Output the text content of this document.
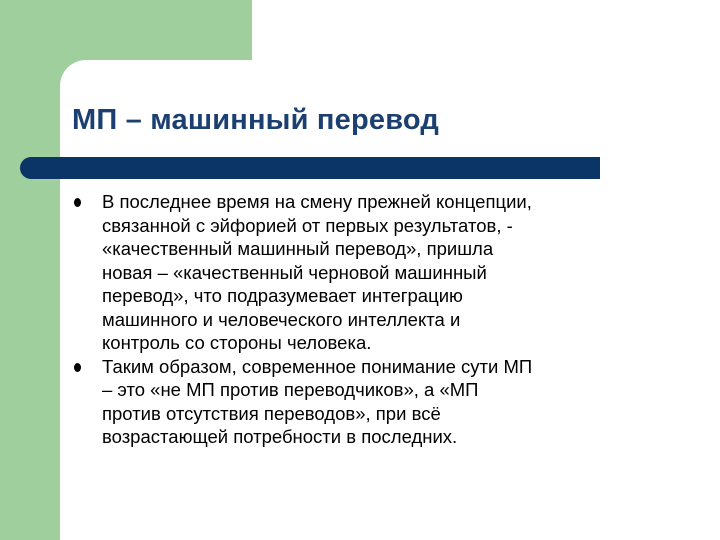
МП – машинный перевод
В последнее время на смену прежней концепции,
связанной с эйфорией от первых результатов, -
«качественный машинный перевод», пришла
новая – «качественный черновой машинный
перевод», что подразумевает интеграцию
машинного и человеческого интеллекта и
контроль со стороны человека.
Таким образом, современное понимание сути МП
– это «не МП против переводчиков», а «МП
против отсутствия переводов», при всё
возрастающей потребности в последних.
